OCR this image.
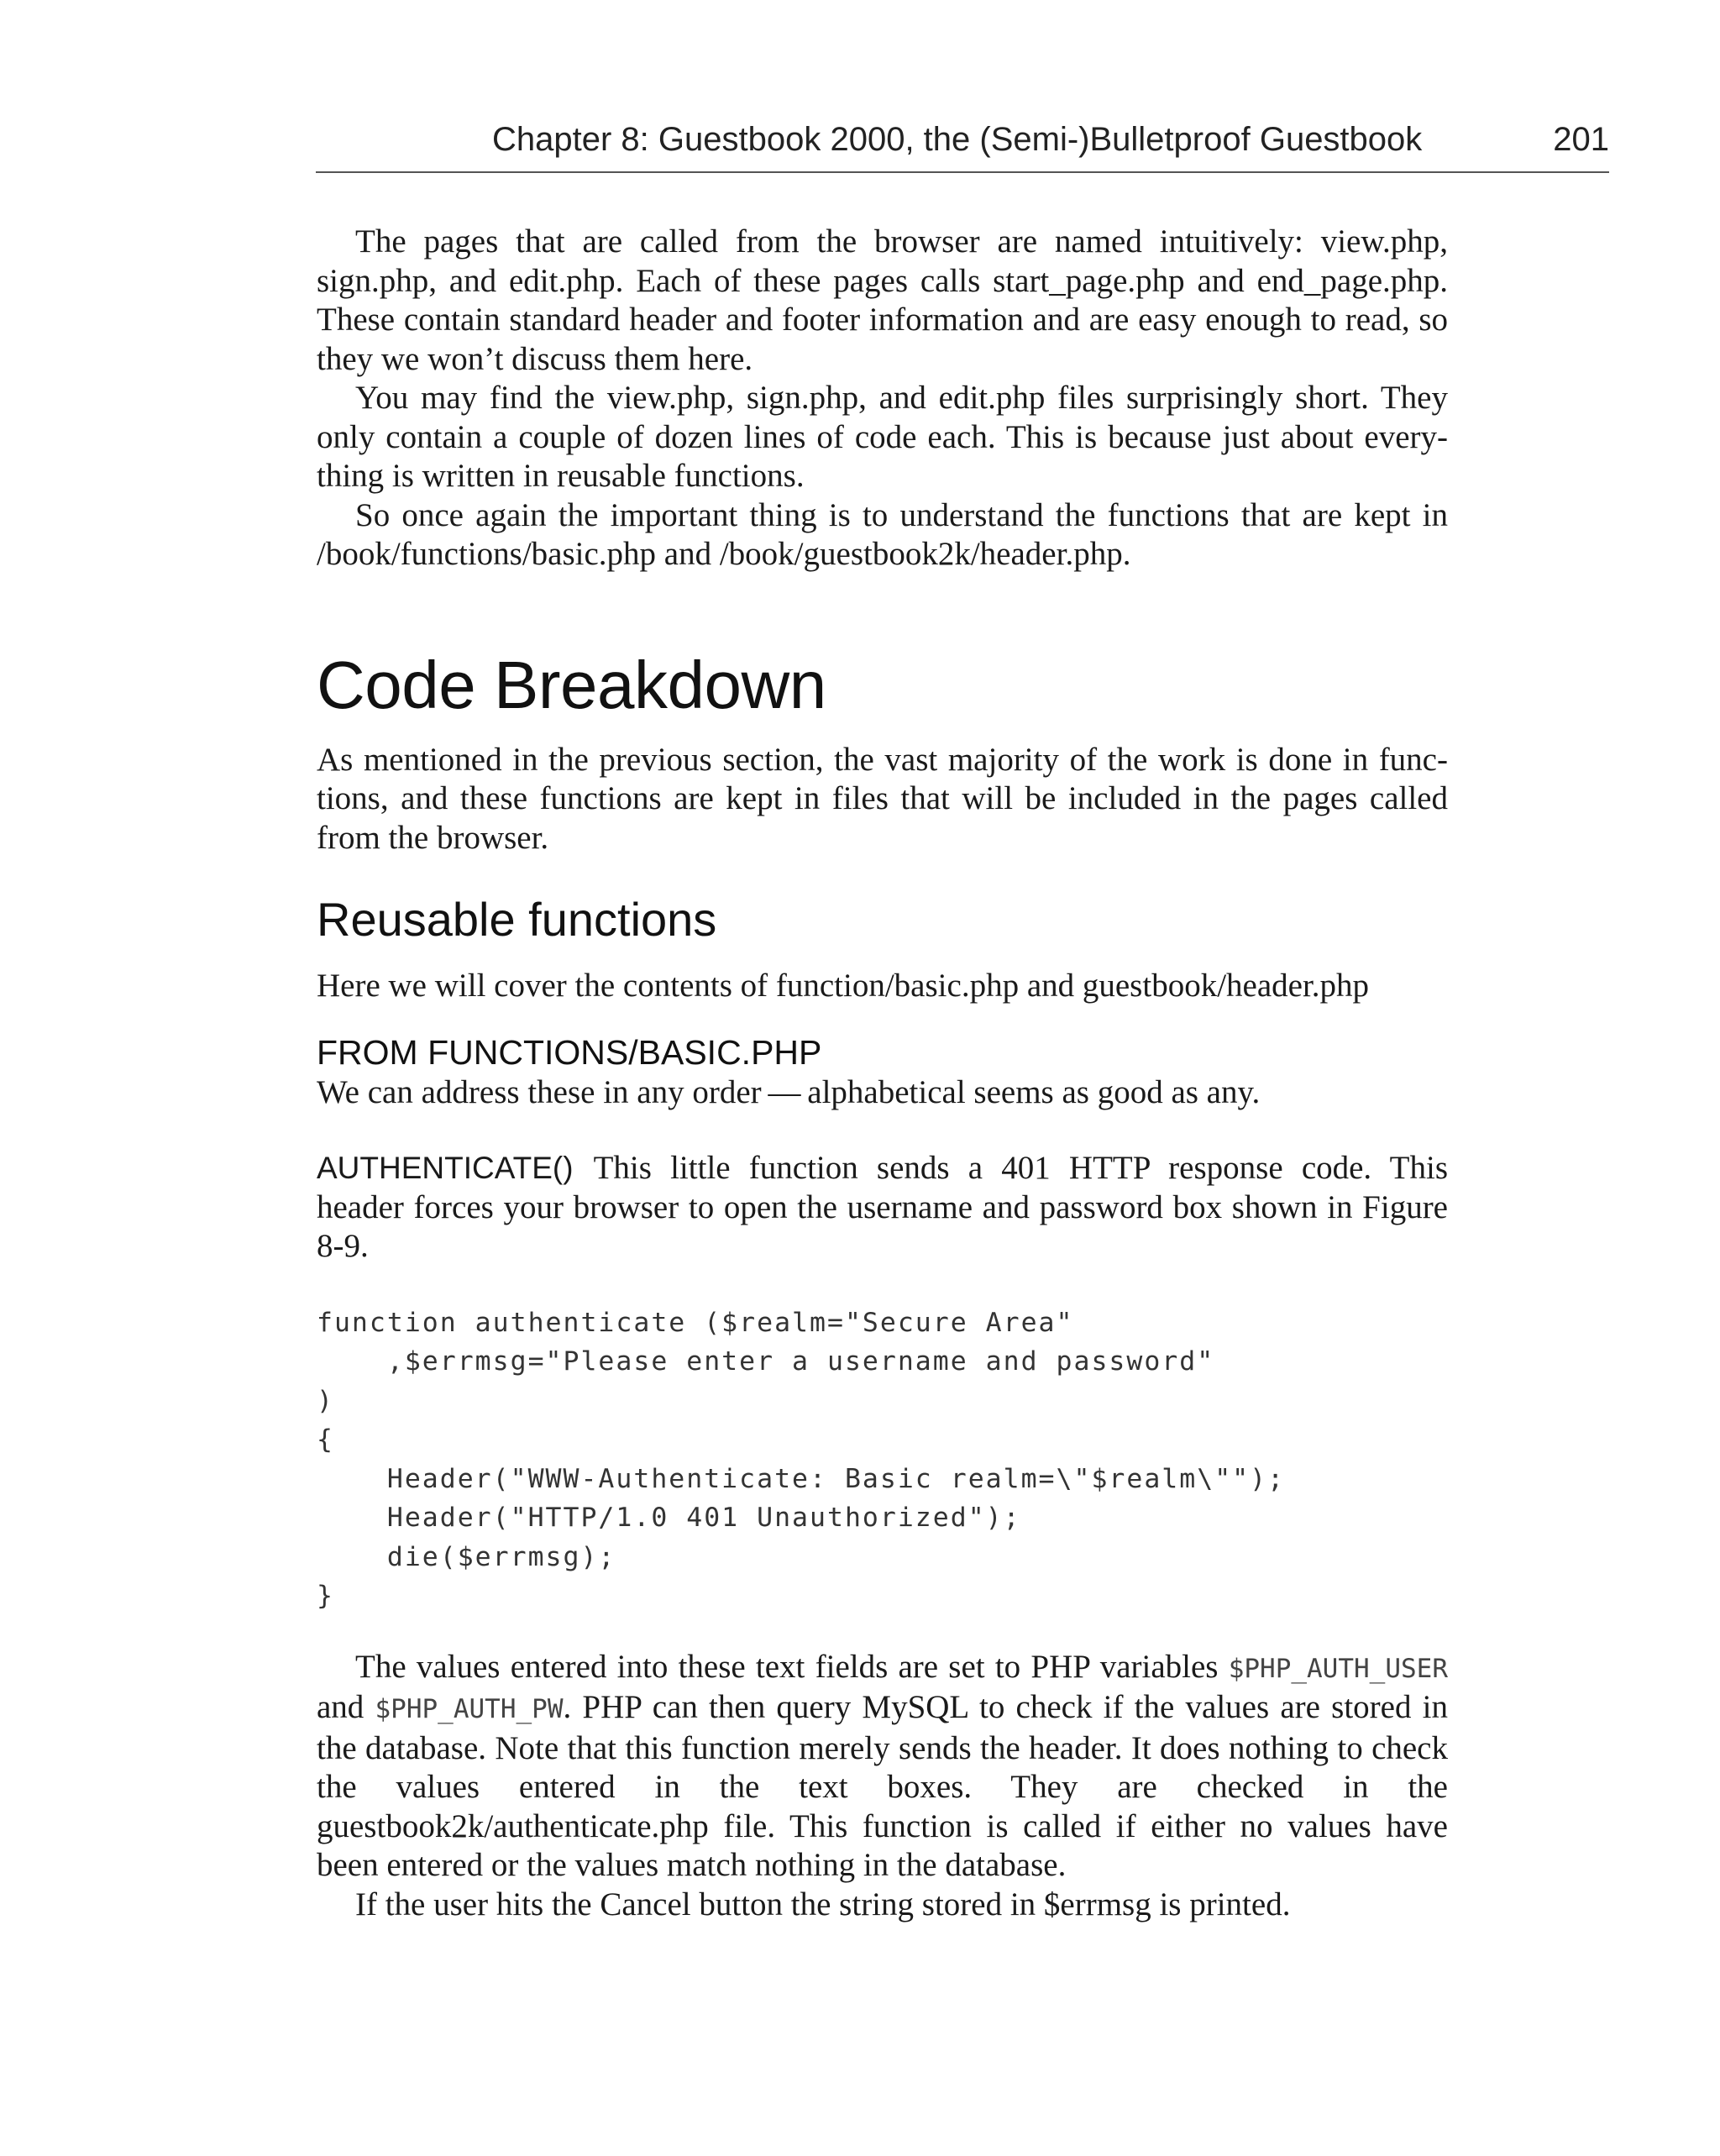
Chapter 8: Guestbook 2000, the (Semi-)Bulletproof Guestbook	201

The pages that are called from the browser are named intuitively: view.php, sign.php, and edit.php. Each of these pages calls start_page.php and end_page.php. These contain standard header and footer information and are easy enough to read, so they we won’t discuss them here.

You may find the view.php, sign.php, and edit.php files surprisingly short. They only contain a couple of dozen lines of code each. This is because just about everything is written in reusable functions.

So once again the important thing is to understand the functions that are kept in /book/functions/basic.php and /book/guestbook2k/header.php.

Code Breakdown

As mentioned in the previous section, the vast majority of the work is done in functions, and these functions are kept in files that will be included in the pages called from the browser.

Reusable functions

Here we will cover the contents of function/basic.php and guestbook/header.php

FROM FUNCTIONS/BASIC.PHP

We can address these in any order — alphabetical seems as good as any.

AUTHENTICATE() This little function sends a 401 HTTP response code. This header forces your browser to open the username and password box shown in Figure 8-9.

function authenticate ($realm="Secure Area"
,$errmsg="Please enter a username and password"
)
{
Header("WWW-Authenticate: Basic realm=\"$realm\"");
Header("HTTP/1.0 401 Unauthorized");
die($errmsg);
}

The values entered into these text fields are set to PHP variables $PHP_AUTH_USER and $PHP_AUTH_PW. PHP can then query MySQL to check if the values are stored in the database. Note that this function merely sends the header. It does nothing to check the values entered in the text boxes. They are checked in the guestbook2k/authenticate.php file. This function is called if either no values have been entered or the values match nothing in the database.

If the user hits the Cancel button the string stored in $errmsg is printed.
